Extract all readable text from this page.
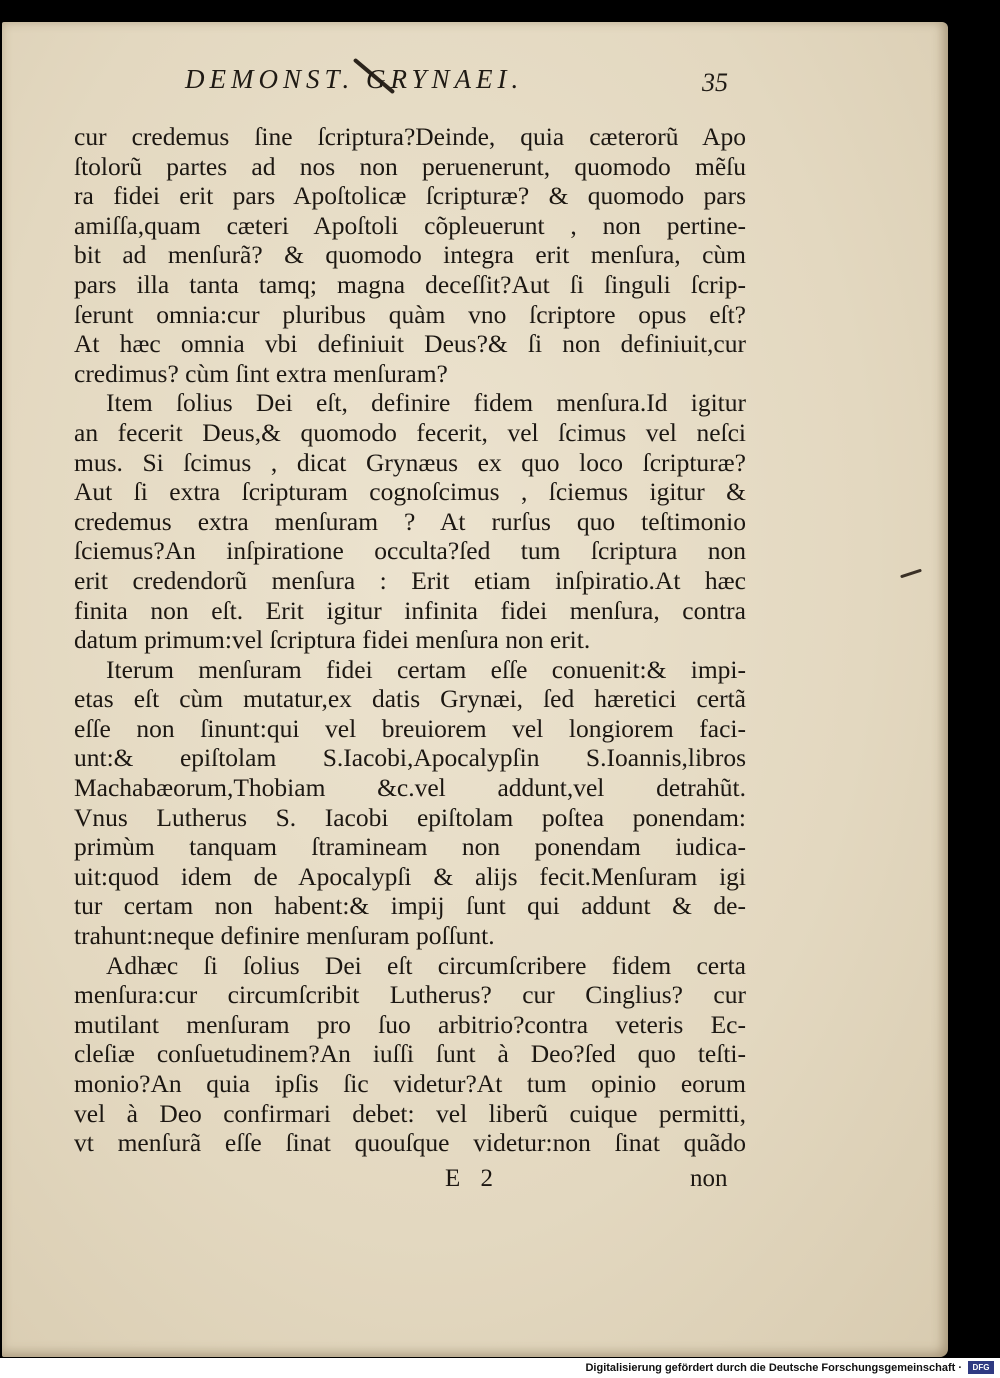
DEMONST. GRYNAEI.	35
cur credemus ſine ſcriptura?Deinde, quia cæterorũ Apo
ſtolorũ partes ad nos non peruenerunt, quomodo mẽſu
ra fidei erit pars Apoſtolicæ ſcripturæ? & quomodo pars
amiſſa,quam cæteri Apoſtoli cõpleuerunt , non pertine-
bit ad menſurã? & quomodo integra erit menſura, cùm
pars illa tanta tamq; magna deceſſit?Aut ſi ſinguli ſcrip-
ſerunt omnia:cur pluribus quàm vno ſcriptore opus eſt?
At hæc omnia vbi definiuit Deus?& ſi non definiuit,cur
credimus? cùm ſint extra menſuram?
Item ſolius Dei eſt, definire fidem menſura.Id igitur
an fecerit Deus,& quomodo fecerit, vel ſcimus vel neſci
mus. Si ſcimus , dicat Grynæus ex quo loco ſcripturæ?
Aut ſi extra ſcripturam cognoſcimus , ſciemus igitur &
credemus extra menſuram ? At rurſus quo teſtimonio
ſciemus?An inſpiratione occulta?ſed tum ſcriptura non
erit credendorũ menſura : Erit etiam inſpiratio.At hæc
finita non eſt. Erit igitur infinita fidei menſura, contra
datum primum:vel ſcriptura fidei menſura non erit.
Iterum menſuram fidei certam eſſe conuenit:& impi-
etas eſt cùm mutatur,ex datis Grynæi, ſed hæretici certã
eſſe non ſinunt:qui vel breuiorem vel longiorem faci-
unt:& epiſtolam S.Iacobi,Apocalypſin S.Ioannis,libros
Machabæorum,Thobiam &c.vel addunt,vel detrahũt.
Vnus Lutherus S. Iacobi epiſtolam poſtea ponendam:
primùm tanquam ſtramineam non ponendam iudica-
uit:quod idem de Apocalypſi & alijs fecit.Menſuram igi
tur certam non habent:& impij ſunt qui addunt & de-
trahunt:neque definire menſuram poſſunt.
Adhæc ſi ſolius Dei eſt circumſcribere fidem certa
menſura:cur circumſcribit Lutherus? cur Cinglius? cur
mutilant menſuram pro ſuo arbitrio?contra veteris Ec-
cleſiæ conſuetudinem?An iuſſi ſunt à Deo?ſed quo teſti-
monio?An quia ipſis ſic videtur?At tum opinio eorum
vel à Deo confirmari debet: vel liberũ cuique permitti,
vt menſurã eſſe ſinat quouſque videtur:non ſinat quãdo
E 2	non
Digitalisierung gefördert durch die Deutsche Forschungsgemeinschaft ·	DFG
